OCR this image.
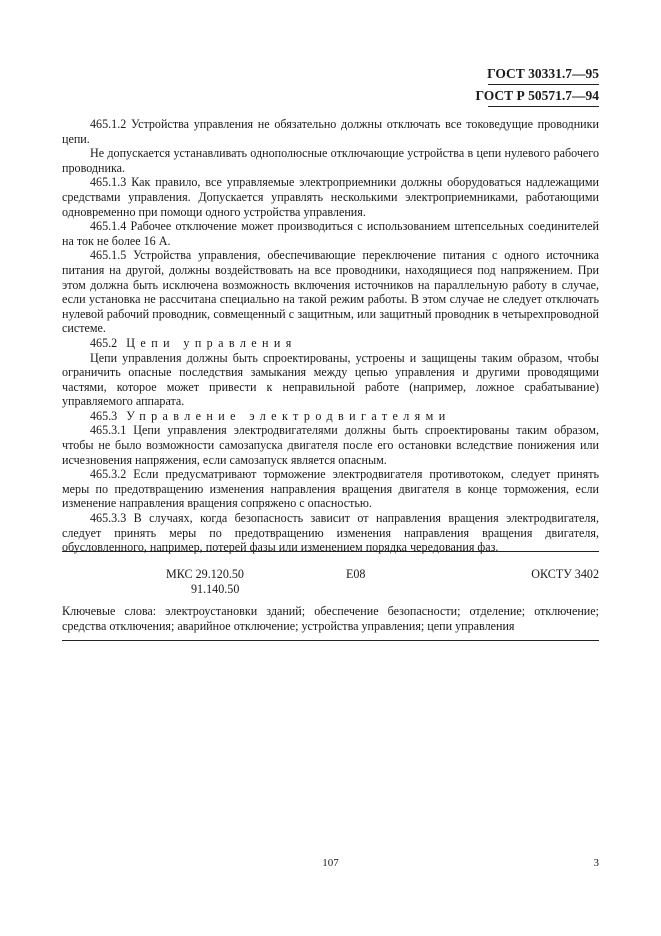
ГОСТ 30331.7—95
ГОСТ Р 50571.7—94

465.1.2 Устройства управления не обязательно должны отключать все токоведущие проводники цепи.

Не допускается устанавливать однополюсные отключающие устройства в цепи нулевого рабочего проводника.

465.1.3 Как правило, все управляемые электроприемники должны оборудоваться надлежащими средствами управления. Допускается управлять несколькими электроприемниками, работающими одновременно при помощи одного устройства управления.

465.1.4 Рабочее отключение может производиться с использованием штепсельных соединителей на ток не более 16 А.

465.1.5 Устройства управления, обеспечивающие переключение питания с одного источника питания на другой, должны воздействовать на все проводники, находящиеся под напряжением. При этом должна быть исключена возможность включения источников на параллельную работу в случае, если установка не рассчитана специально на такой режим работы. В этом случае не следует отключать нулевой рабочий проводник, совмещенный с защитным, или защитный проводник в четырехпроводной системе.

465.2 Цепи управления

Цепи управления должны быть спроектированы, устроены и защищены таким образом, чтобы ограничить опасные последствия замыкания между цепью управления и другими проводящими частями, которое может привести к неправильной работе (например, ложное срабатывание) управляемого аппарата.

465.3 Управление электродвигателями

465.3.1 Цепи управления электродвигателями должны быть спроектированы таким образом, чтобы не было возможности самозапуска двигателя после его остановки вследствие понижения или исчезновения напряжения, если самозапуск является опасным.

465.3.2 Если предусматривают торможение электродвигателя противотоком, следует принять меры по предотвращению изменения направления вращения двигателя в конце торможения, если изменение направления вращения сопряжено с опасностью.

465.3.3 В случаях, когда безопасность зависит от направления вращения электродвигателя, следует принять меры по предотвращению изменения направления вращения двигателя, обусловленного, например, потерей фазы или изменением порядка чередования фаз.

МКС 29.120.50
91.140.50
Е08	ОКСТУ 3402
Ключевые слова: электроустановки зданий; обеспечение безопасности; отделение; отключение; средства отключения; аварийное отключение; устройства управления; цепи управления
107	3
